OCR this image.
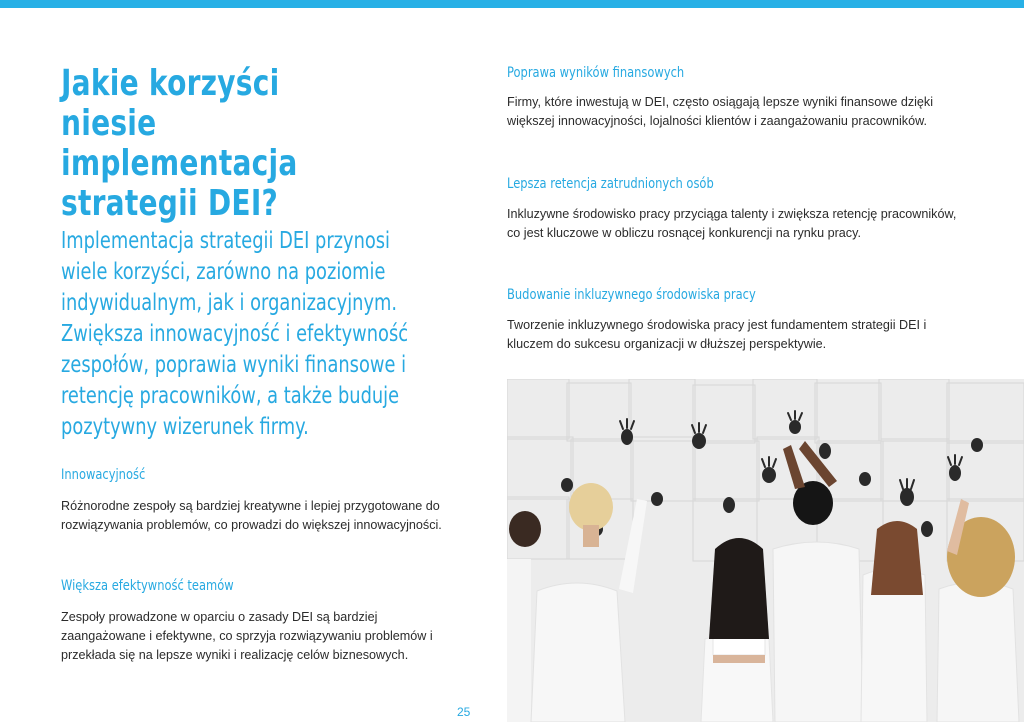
Jakie korzyści niesie implementacja strategii DEI?

Implementacja strategii DEI przynosi wiele korzyści, zarówno na poziomie indywidualnym, jak i organizacyjnym. Zwiększa innowacyjność i efektywność zespołów, poprawia wyniki finansowe i retencję pracowników, a także buduje pozytywny wizerunek firmy.

Innowacyjność

Różnorodne zespoły są bardziej kreatywne i lepiej przygotowane do rozwiązywania problemów, co prowadzi do większej innowacyjności.

Większa efektywność teamów

Zespoły prowadzone w oparciu o zasady DEI są bardziej zaangażowane i efektywne, co sprzyja rozwiązywaniu problemów i przekłada się na lepsze wyniki i realizację celów biznesowych.

Poprawa wyników finansowych

Firmy, które inwestują w DEI, często osiągają lepsze wyniki finansowe dzięki większej innowacyjności, lojalności klientów i zaangażowaniu pracowników.

Lepsza retencja zatrudnionych osób

Inkluzywne środowisko pracy przyciąga talenty i zwiększa retencję pracowników, co jest kluczowe w obliczu rosnącej konkurencji na rynku pracy.

Budowanie inkluzywnego środowiska pracy

Tworzenie inkluzywnego środowiska pracy jest fundamentem strategii DEI i kluczem do sukcesu organizacji w dłuższej perspektywie.

25
